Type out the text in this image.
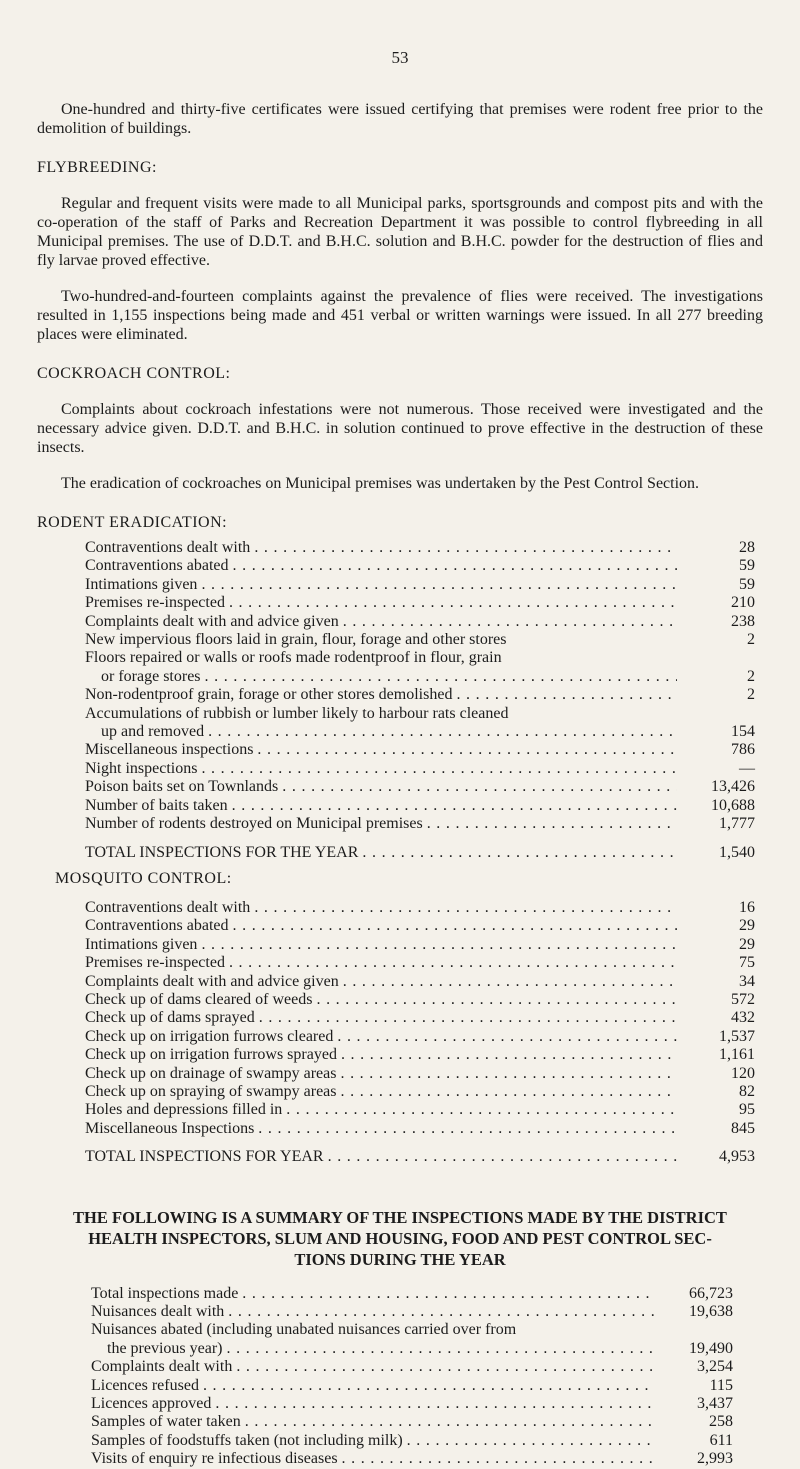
53

One-hundred and thirty-five certificates were issued certifying that premises were rodent free prior to the demolition of buildings.

FLYBREEDING:

Regular and frequent visits were made to all Municipal parks, sportsgrounds and compost pits and with the co-operation of the staff of Parks and Recreation Department it was possible to control flybreeding in all Municipal premises. The use of D.D.T. and B.H.C. solution and B.H.C. powder for the destruction of flies and fly larvae proved effective.

Two-hundred-and-fourteen complaints against the prevalence of flies were received. The investigations resulted in 1,155 inspections being made and 451 verbal or written warnings were issued. In all 277 breeding places were eliminated.

COCKROACH CONTROL:

Complaints about cockroach infestations were not numerous. Those received were investigated and the necessary advice given. D.D.T. and B.H.C. in solution continued to prove effective in the destruction of these insects.

The eradication of cockroaches on Municipal premises was undertaken by the Pest Control Section.

RODENT ERADICATION:

Contraventions dealt with . . .	28
Contraventions abated . . .	59
Intimations given . . .	59
Premises re-inspected . . .	210
Complaints dealt with and advice given . . .	238
New impervious floors laid in grain, flour, forage and other stores	2
Floors repaired or walls or roofs made rodentproof in flour, grain
or forage stores . . .	2
Non-rodentproof grain, forage or other stores demolished . . .	2
Accumulations of rubbish or lumber likely to harbour rats cleaned
up and removed . . .	154
Miscellaneous inspections . . .	786
Night inspections . . .	—
Poison baits set on Townlands . . .	13,426
Number of baits taken . . .	10,688
Number of rodents destroyed on Municipal premises . . .	1,777
TOTAL INSPECTIONS FOR THE YEAR . . .	1,540

MOSQUITO CONTROL:

Contraventions dealt with . . .	16
Contraventions abated . . .	29
Intimations given . . .	29
Premises re-inspected . . .	75
Complaints dealt with and advice given . . .	34
Check up of dams cleared of weeds . . .	572
Check up of dams sprayed . . .	432
Check up on irrigation furrows cleared . . .	1,537
Check up on irrigation furrows sprayed . . .	1,161
Check up on drainage of swampy areas . . .	120
Check up on spraying of swampy areas . . .	82
Holes and depressions filled in . . .	95
Miscellaneous Inspections . . .	845
TOTAL INSPECTIONS FOR YEAR . . .	4,953

THE FOLLOWING IS A SUMMARY OF THE INSPECTIONS MADE BY THE DISTRICT

HEALTH INSPECTORS, SLUM AND HOUSING, FOOD AND PEST CONTROL SEC-

TIONS DURING THE YEAR

Total inspections made . . .	66,723
Nuisances dealt with . . .	19,638
Nuisances abated (including unabated nuisances carried over from
the previous year) . . .	19,490
Complaints dealt with . . .	3,254
Licences refused . . .	115
Licences approved . . .	3,437
Samples of water taken . . .	258
Samples of foodstuffs taken (not including milk) . . .	611
Visits of enquiry re infectious diseases . . .	2,993
